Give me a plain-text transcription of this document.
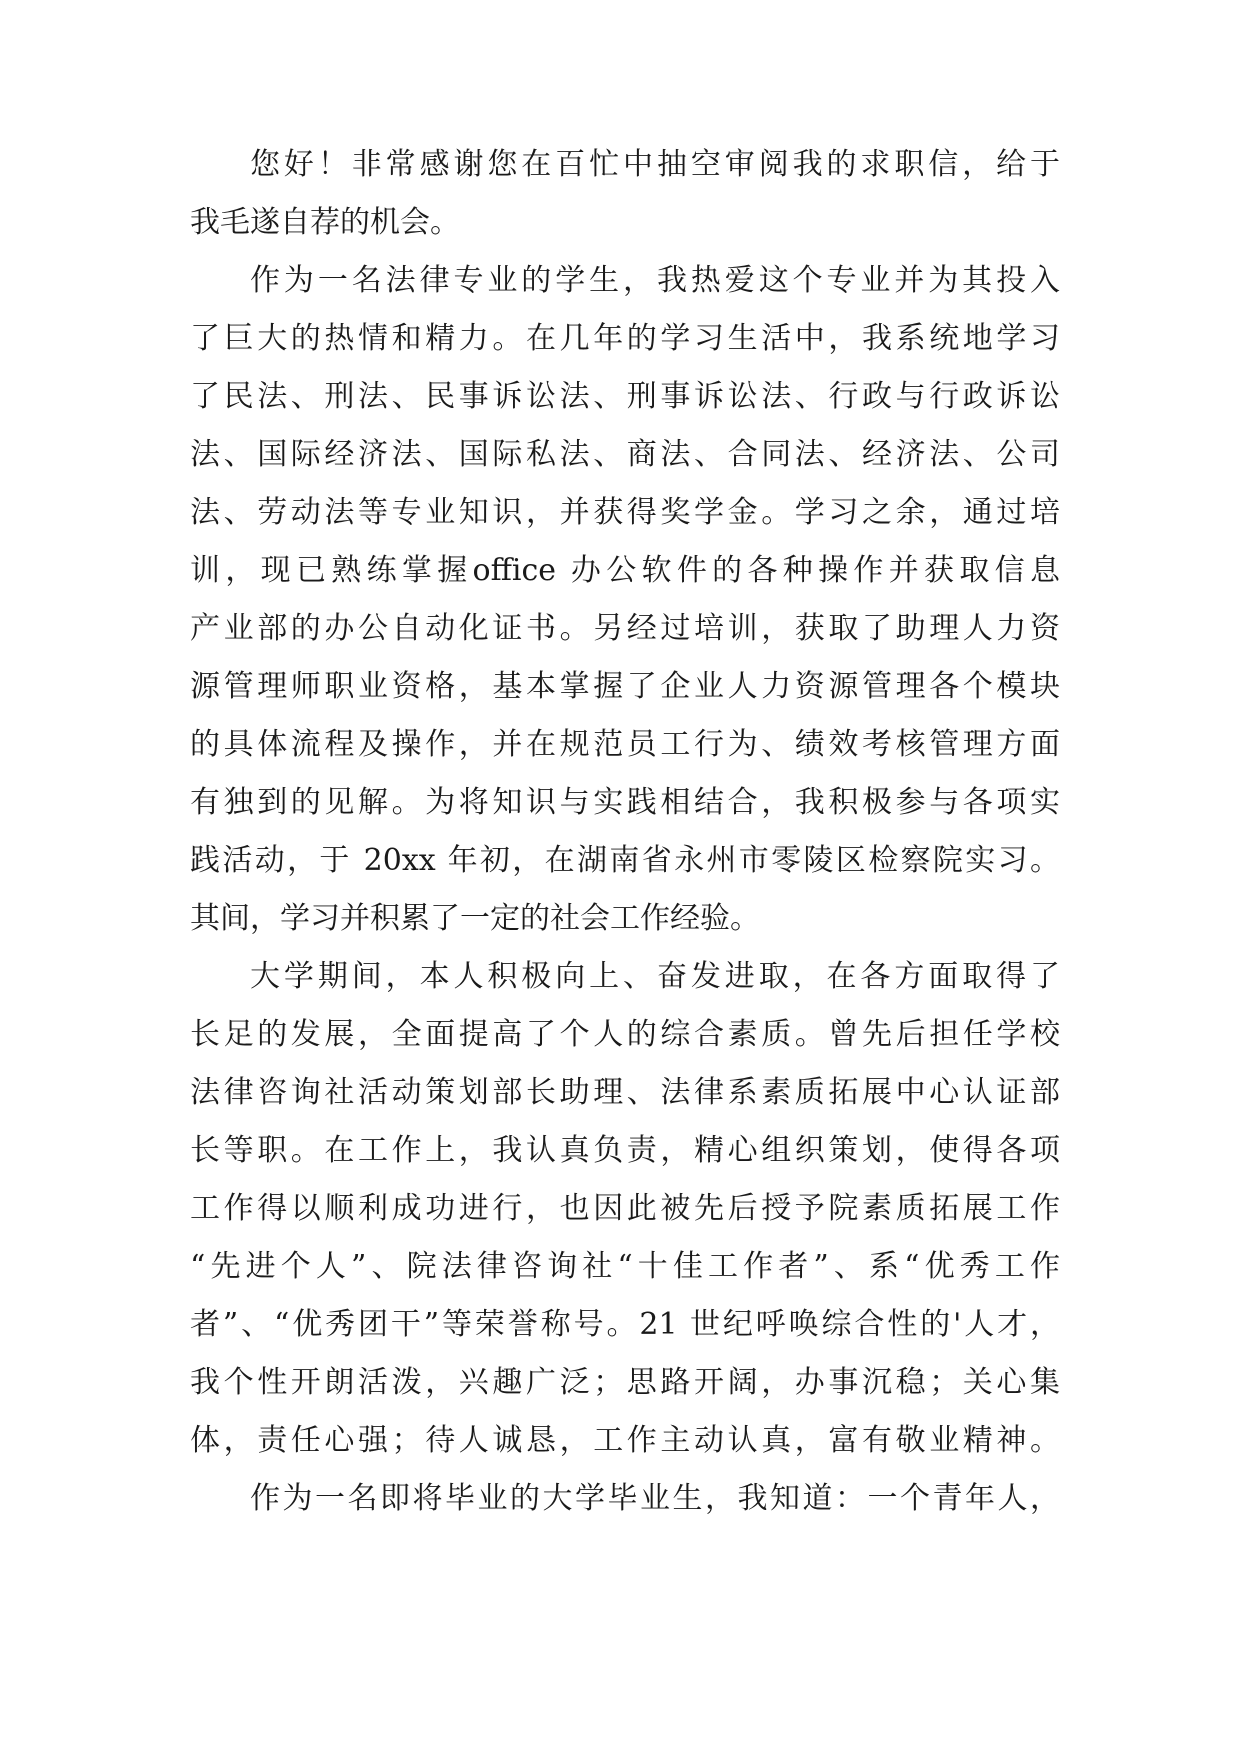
您好！非常感谢您在百忙中抽空审阅我的求职信，给于
我毛遂自荐的机会。
作为一名法律专业的学生，我热爱这个专业并为其投入
了巨大的热情和精力。在几年的学习生活中，我系统地学习
了民法、刑法、民事诉讼法、刑事诉讼法、行政与行政诉讼
法、国际经济法、国际私法、商法、合同法、经济法、公司
法、劳动法等专业知识，并获得奖学金。学习之余，通过培
训，现已熟练掌握office 办公软件的各种操作并获取信息
产业部的办公自动化证书。另经过培训，获取了助理人力资
源管理师职业资格，基本掌握了企业人力资源管理各个模块
的具体流程及操作，并在规范员工行为、绩效考核管理方面
有独到的见解。为将知识与实践相结合，我积极参与各项实
践活动，于 20xx 年初，在湖南省永州市零陵区检察院实习。
其间，学习并积累了一定的社会工作经验。
大学期间，本人积极向上、奋发进取，在各方面取得了
长足的发展，全面提高了个人的综合素质。曾先后担任学校
法律咨询社活动策划部长助理、法律系素质拓展中心认证部
长等职。在工作上，我认真负责，精心组织策划，使得各项
工作得以顺利成功进行，也因此被先后授予院素质拓展工作
“先进个人”、院法律咨询社“十佳工作者”、系“优秀工作
者”、“优秀团干”等荣誉称号。21 世纪呼唤综合性的'人才，
我个性开朗活泼，兴趣广泛；思路开阔，办事沉稳；关心集
体，责任心强；待人诚恳，工作主动认真，富有敬业精神。
作为一名即将毕业的大学毕业生，我知道：一个青年人，
